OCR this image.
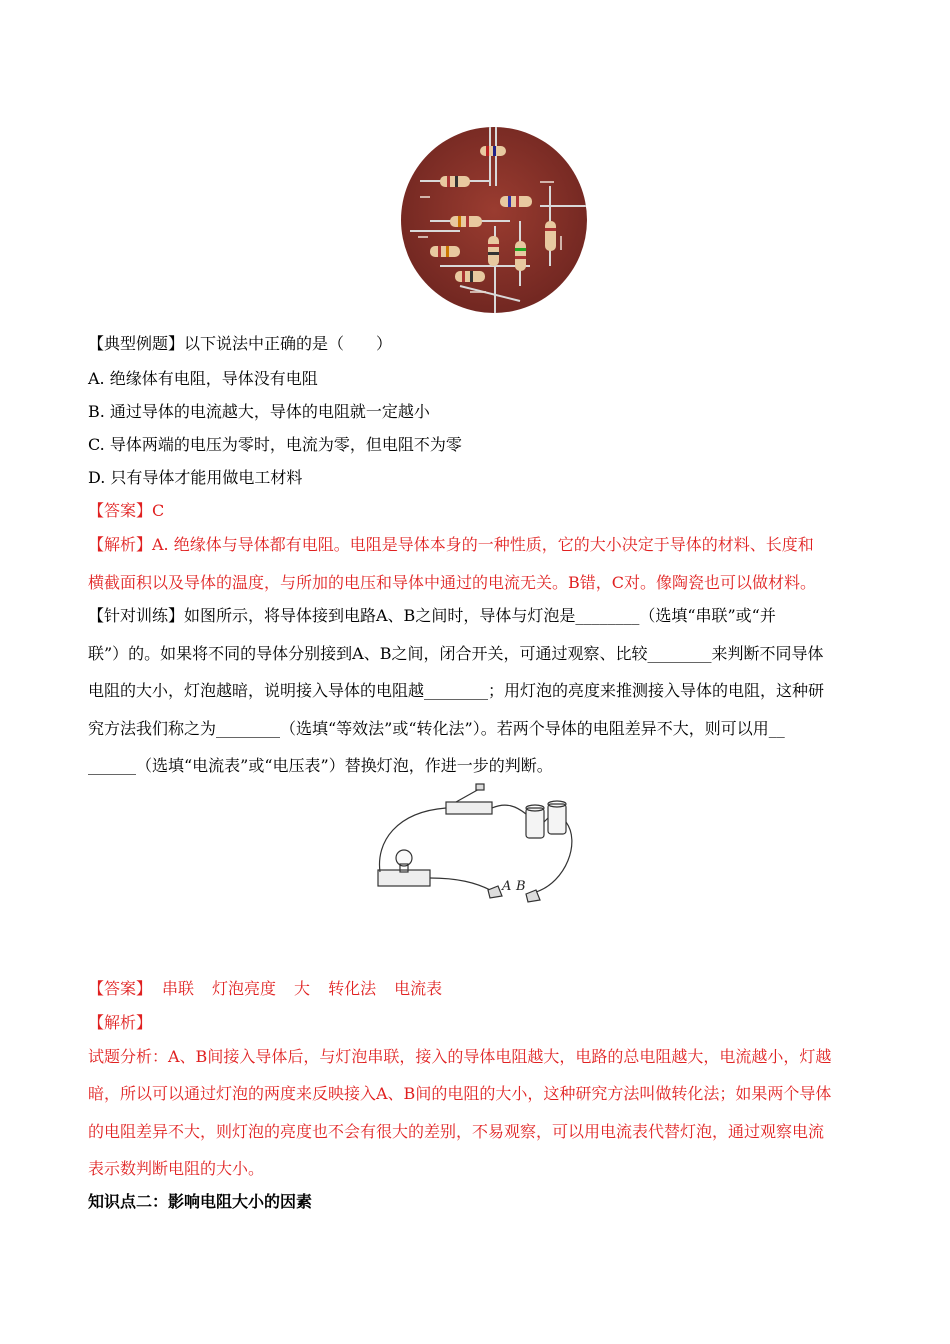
【典型例题】以下说法中正确的是（　　）
A. 绝缘体有电阻，导体没有电阻
B. 通过导体的电流越大，导体的电阻就一定越小
C. 导体两端的电压为零时，电流为零，但电阻不为零
D. 只有导体才能用做电工材料
【答案】C
【解析】A. 绝缘体与导体都有电阻。电阻是导体本身的一种性质，它的大小决定于导体的材料、长度和
横截面积以及导体的温度，与所加的电压和导体中通过的电流无关。B错，C对。像陶瓷也可以做材料。
【针对训练】如图所示，将导体接到电路A、B之间时，导体与灯泡是________（选填“串联”或“并
联”）的。如果将不同的导体分别接到A、B之间，闭合开关，可通过观察、比较________来判断不同导体
电阻的大小，灯泡越暗，说明接入导体的电阻越________；用灯泡的亮度来推测接入导体的电阻，这种研
究方法我们称之为________（选填“等效法”或“转化法”）。若两个导体的电阻差异不大，则可以用__
______（选填“电流表”或“电压表”）替换灯泡，作进一步的判断。
A B
【答案】 串联 灯泡亮度 大 转化法 电流表
【解析】
试题分析：A、B间接入导体后，与灯泡串联，接入的导体电阻越大，电路的总电阻越大，电流越小，灯越
暗，所以可以通过灯泡的两度来反映接入A、B间的电阻的大小，这种研究方法叫做转化法；如果两个导体
的电阻差异不大，则灯泡的亮度也不会有很大的差别，不易观察，可以用电流表代替灯泡，通过观察电流
表示数判断电阻的大小。
知识点二：影响电阻大小的因素
